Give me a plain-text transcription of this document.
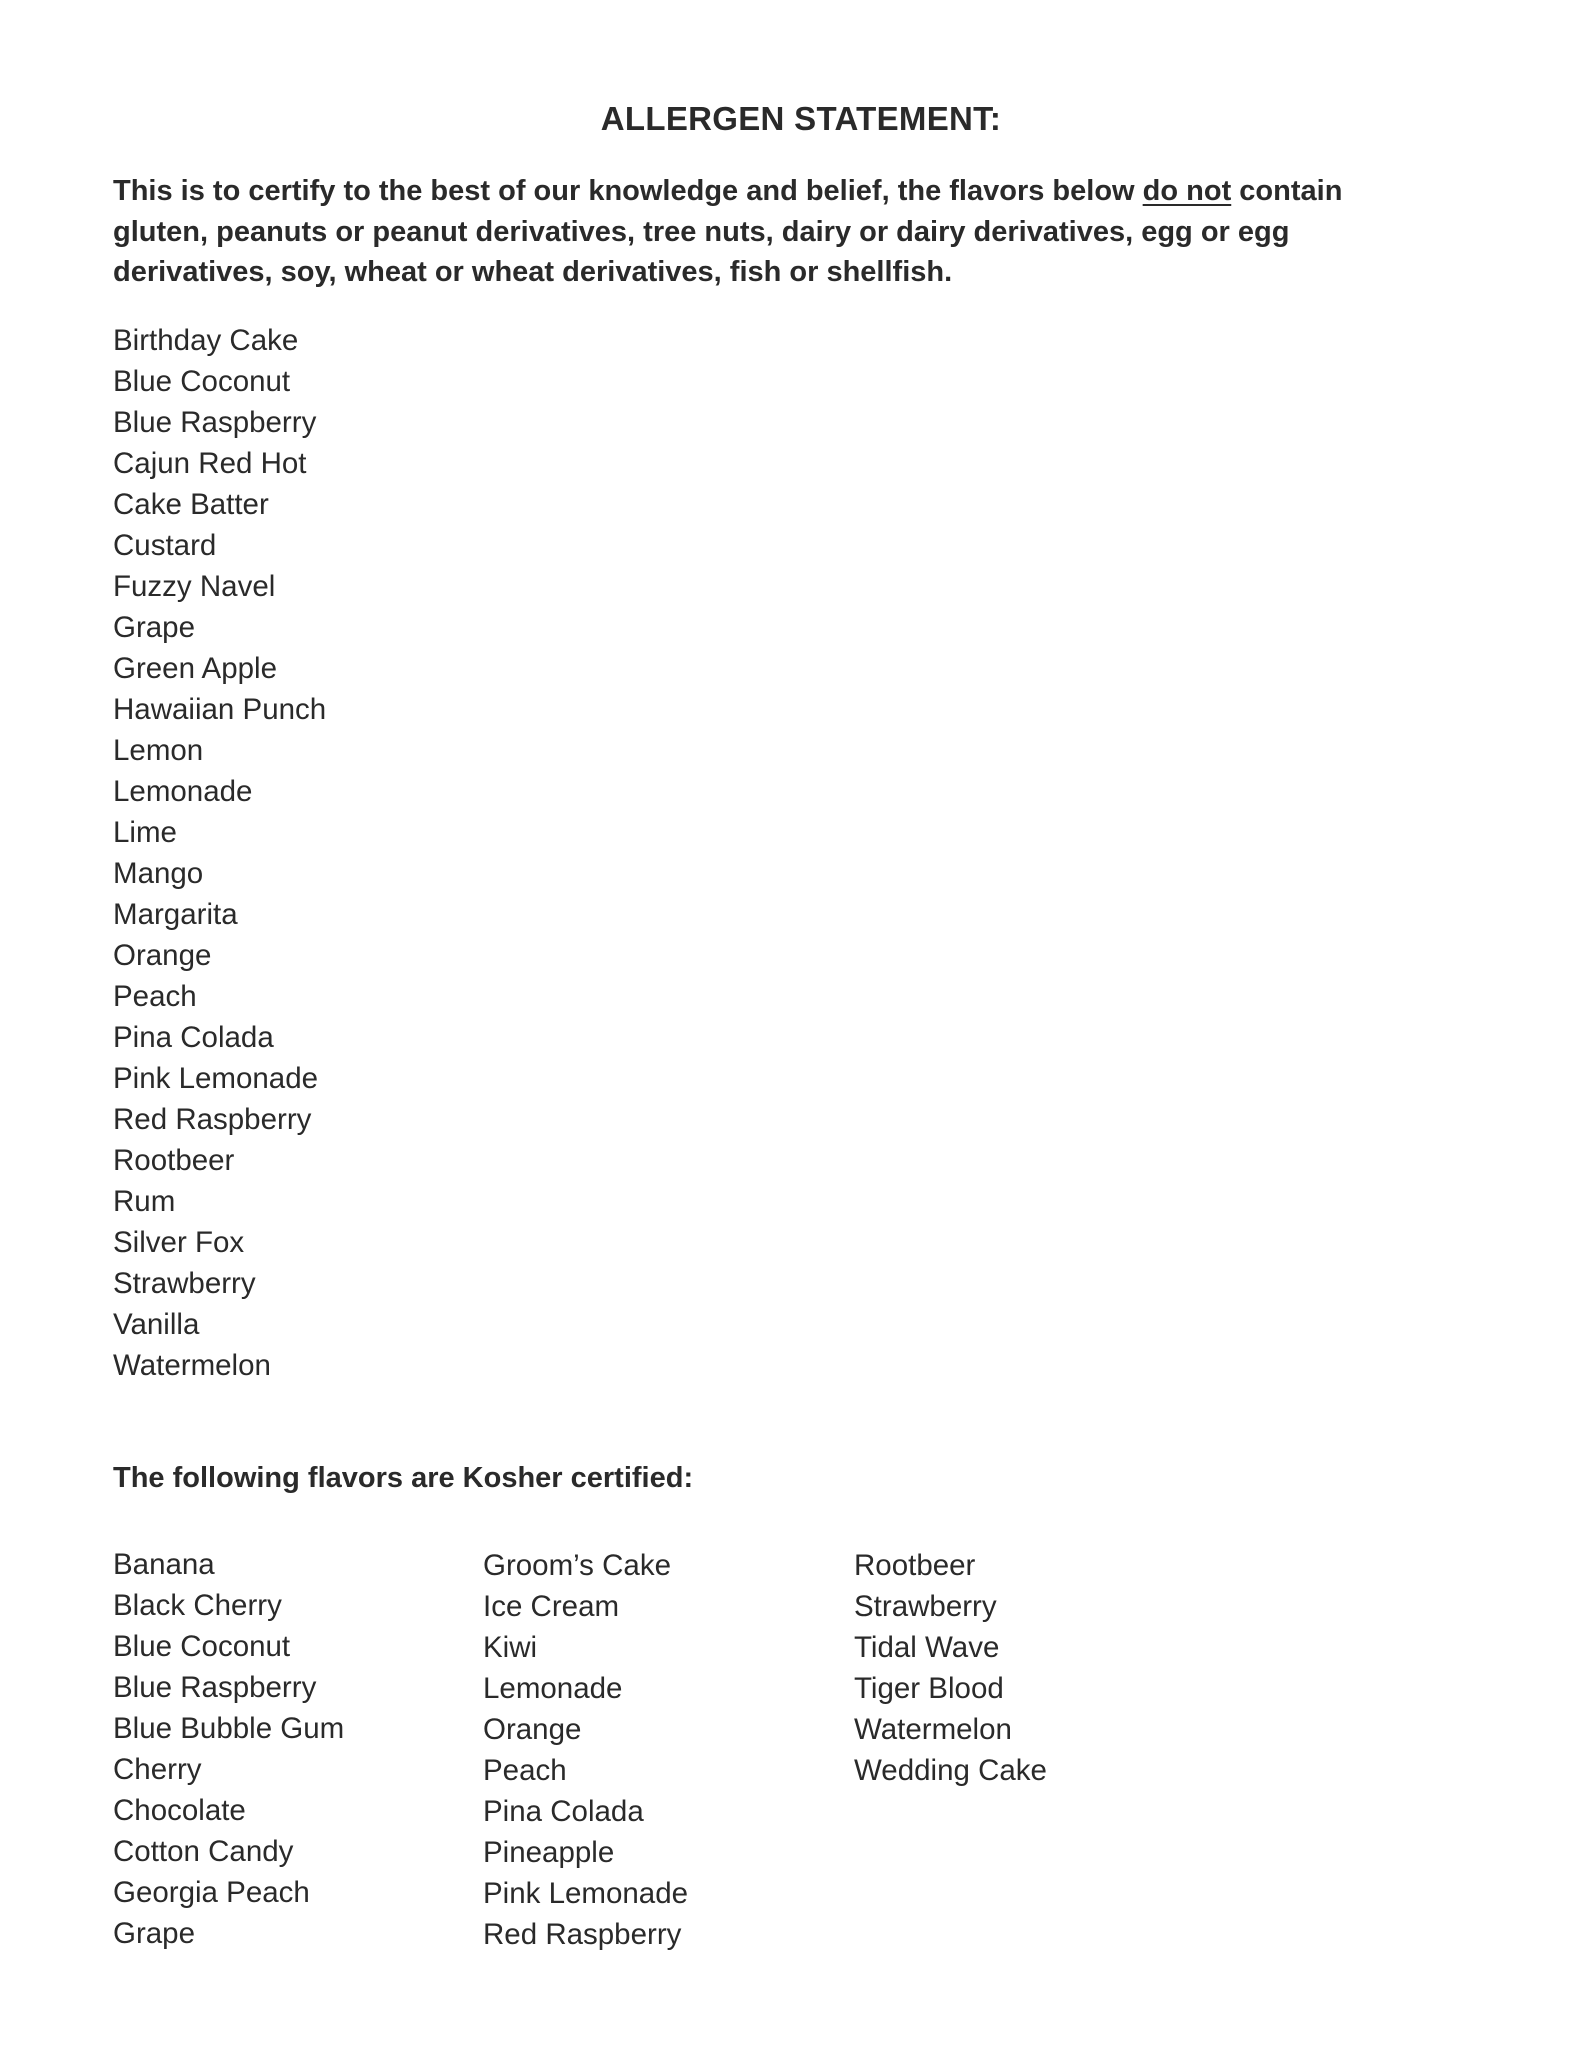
ALLERGEN STATEMENT:

This is to certify to the best of our knowledge and belief, the flavors below do not contain gluten, peanuts or peanut derivatives, tree nuts, dairy or dairy derivatives, egg or egg derivatives, soy, wheat or wheat derivatives, fish or shellfish.

Birthday Cake
Blue Coconut
Blue Raspberry
Cajun Red Hot
Cake Batter
Custard
Fuzzy Navel
Grape
Green Apple
Hawaiian Punch
Lemon
Lemonade
Lime
Mango
Margarita
Orange
Peach
Pina Colada
Pink Lemonade
Red Raspberry
Rootbeer
Rum
Silver Fox
Strawberry
Vanilla
Watermelon
The following flavors are Kosher certified:
Banana
Black Cherry
Blue Coconut
Blue Raspberry
Blue Bubble Gum
Cherry
Chocolate
Cotton Candy
Georgia Peach
Grape
Groom’s Cake
Ice Cream
Kiwi
Lemonade
Orange
Peach
Pina Colada
Pineapple
Pink Lemonade
Red Raspberry
Rootbeer
Strawberry
Tidal Wave
Tiger Blood
Watermelon
Wedding Cake
